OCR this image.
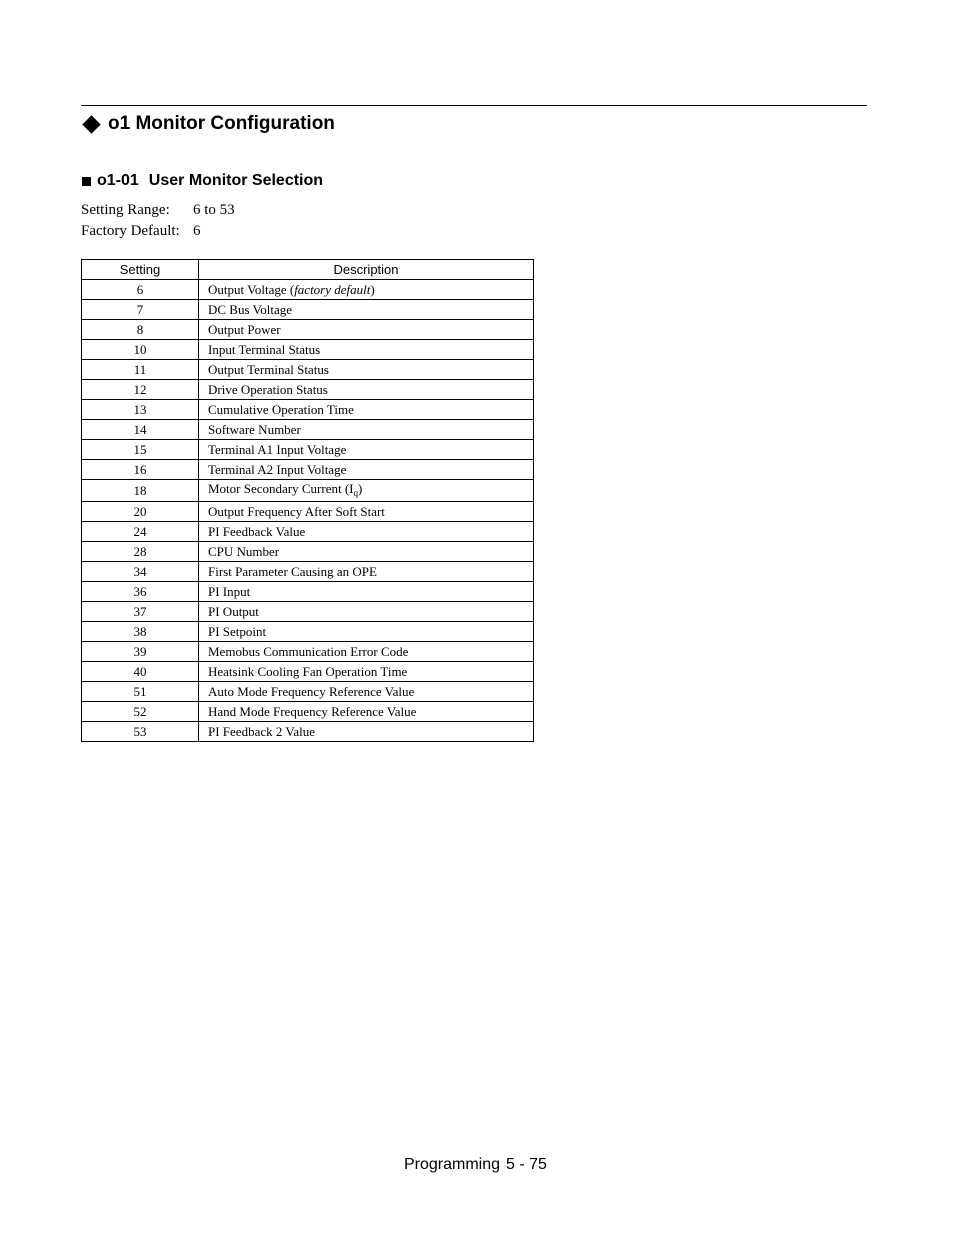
o1 Monitor Configuration
o1-01 User Monitor Selection
Setting Range: 6 to 53
Factory Default: 6
Setting	Description
6	Output Voltage (factory default)
7	DC Bus Voltage
8	Output Power
10	Input Terminal Status
11	Output Terminal Status
12	Drive Operation Status
13	Cumulative Operation Time
14	Software Number
15	Terminal A1 Input Voltage
16	Terminal A2 Input Voltage
18	Motor Secondary Current $(I_q)$
20	Output Frequency After Soft Start
24	PI Feedback Value
28	CPU Number
34	First Parameter Causing an OPE
36	PI Input
37	PI Output
38	PI Setpoint
39	Memobus Communication Error Code
40	Heatsink Cooling Fan Operation Time
51	Auto Mode Frequency Reference Value
52	Hand Mode Frequency Reference Value
53	PI Feedback 2 Value
Programming 5 - 75
